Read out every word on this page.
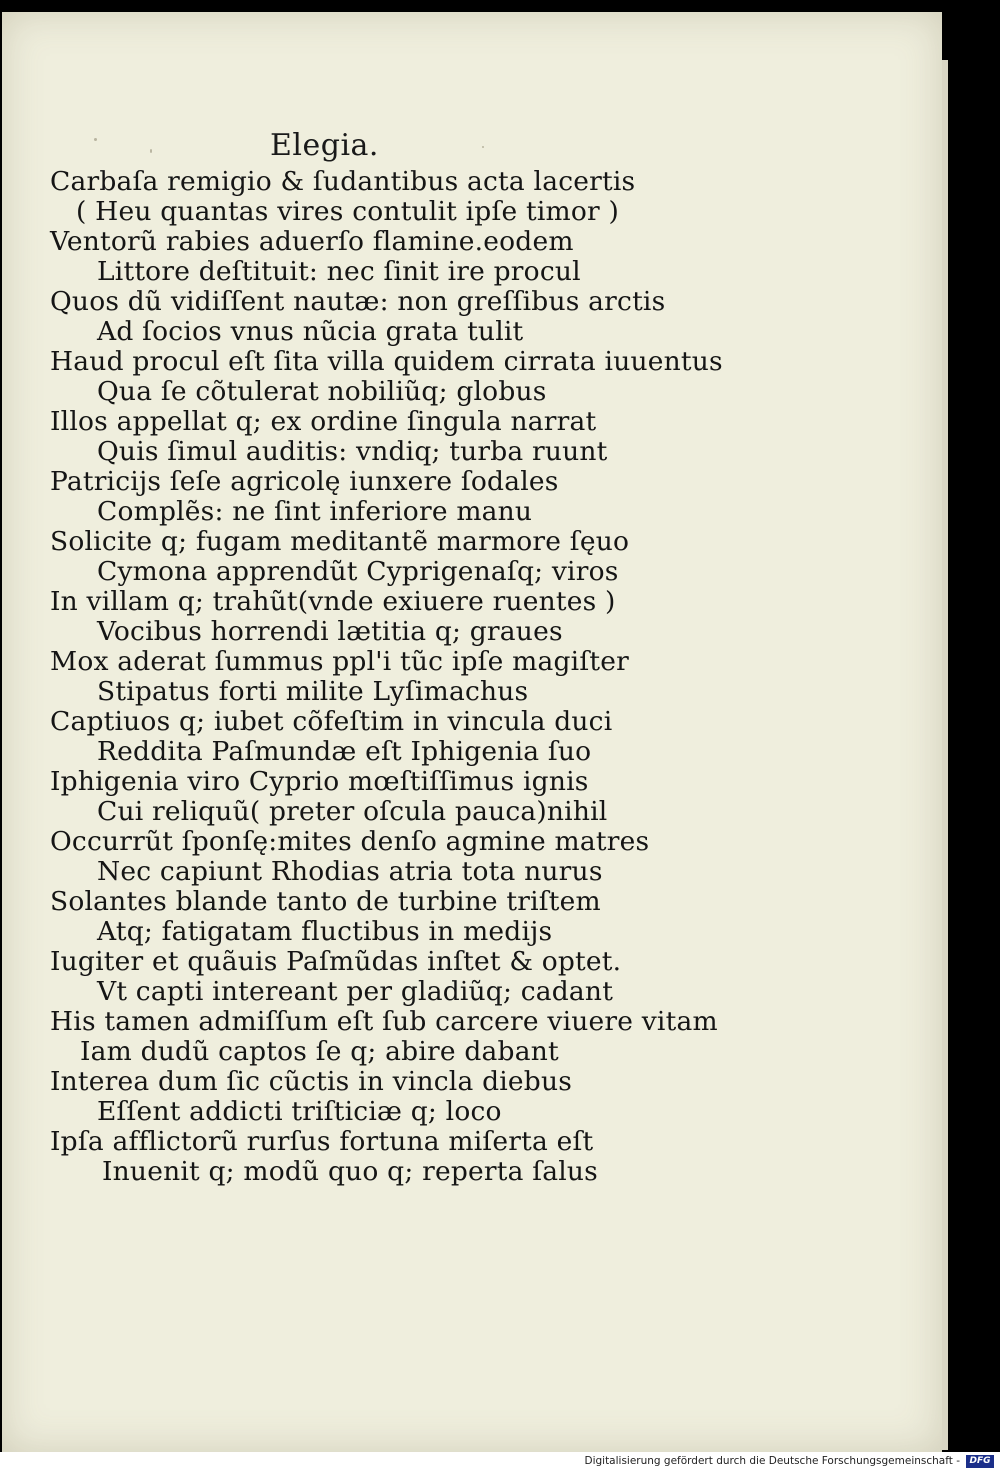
Elegia.
Carbaſa remigio & ſudantibus acta lacertis
( Heu quantas vires contulit ipſe timor )
Ventorũ rabies aduerſo flamine.eodem
Littore deſtituit: nec ſinit ire procul
Quos dũ vidiſſent nautæ: non greſſibus arctis
Ad ſocios vnus nũcia grata tulit
Haud procul eſt ſita villa quidem cirrata iuuentus
Qua ſe cõtulerat nobiliũq; globus
Illos appellat q; ex ordine ſingula narrat
Quis ſimul auditis: vndiq; turba ruunt
Patricijs ſeſe agricolę iunxere ſodales
Complẽs: ne ſint inferiore manu
Solicite q; fugam meditantẽ marmore ſęuo
Cymona apprendũt Cyprigenaſq; viros
In villam q; trahũt(vnde exiuere ruentes )
Vocibus horrendi lætitia q; graues
Mox aderat ſummus ppl'i tũc ipſe magiſter
Stipatus forti milite Lyſimachus
Captiuos q; iubet cõfeſtim in vincula duci
Reddita Paſmundæ eſt Iphigenia ſuo
Iphigenia viro Cyprio mœſtiſſimus ignis
Cui reliquũ( preter oſcula pauca)nihil
Occurrũt ſponſę:mites denſo agmine matres
Nec capiunt Rhodias atria tota nurus
Solantes blande tanto de turbine triſtem
Atq; fatigatam fluctibus in medijs
Iugiter et quãuis Paſmũdas inſtet & optet.
Vt capti intereant per gladiũq; cadant
His tamen admiſſum eſt ſub carcere viuere vitam
Iam dudũ captos ſe q; abire dabant
Interea dum ſic cũctis in vincla diebus
Eſſent addicti triſticiæ q; loco
Ipſa afflictorũ rurſus fortuna miſerta eſt
Inuenit q; modũ quo q; reperta ſalus
Digitalisierung gefördert durch die Deutsche Forschungsgemeinschaft -	DFG
